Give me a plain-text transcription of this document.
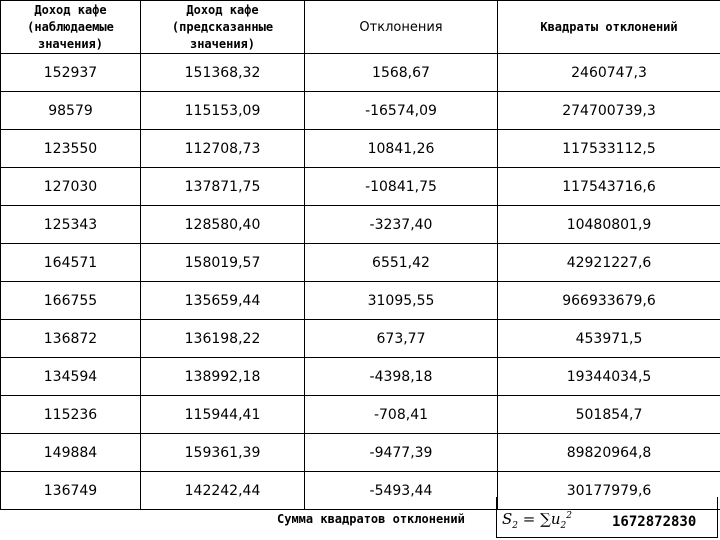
Доход кафе
(наблюдаемые
значения)	Доход кафе
(предсказанные
значения)	Отклонения	Квадраты отклонений

152937	151368,32	1568,67	2460747,3
98579	115153,09	-16574,09	274700739,3
123550	112708,73	10841,26	117533112,5
127030	137871,75	-10841,75	117543716,6
125343	128580,40	-3237,40	10480801,9
164571	158019,57	6551,42	42921227,6
166755	135659,44	31095,55	966933679,6
136872	136198,22	673,77	453971,5
134594	138992,18	-4398,18	19344034,5
115236	115944,41	-708,41	501854,7
149884	159361,39	-9477,39	89820964,8
136749	142242,44	-5493,44	30177979,6
Сумма квадратов отклонений $S_2 = \sum u_2^2$	1672872830
